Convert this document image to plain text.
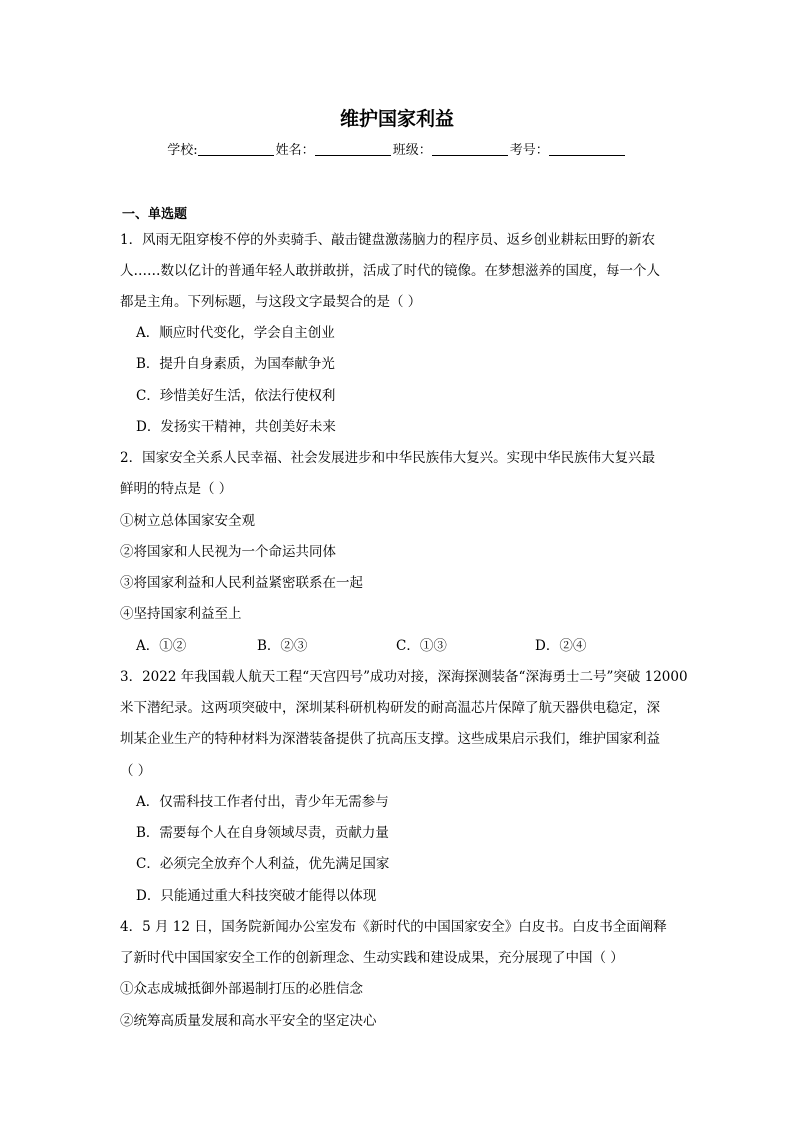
维护国家利益
学校:	姓名：	班级：	考号：
一、单选题
1．风雨无阻穿梭不停的外卖骑手、敲击键盘激荡脑力的程序员、返乡创业耕耘田野的新农
人……数以亿计的普通年轻人敢拼敢拼，活成了时代的镜像。在梦想滋养的国度，每一个人
都是主角。下列标题，与这段文字最契合的是（ ）
A．顺应时代变化，学会自主创业
B．提升自身素质，为国奉献争光
C．珍惜美好生活，依法行使权利
D．发扬实干精神，共创美好未来
2．国家安全关系人民幸福、社会发展进步和中华民族伟大复兴。实现中华民族伟大复兴最
鲜明的特点是（ ）
①树立总体国家安全观
②将国家和人民视为一个命运共同体
③将国家利益和人民利益紧密联系在一起
④坚持国家利益至上
A．①②	B．②③	C．①③	D．②④
3．2022 年我国载人航天工程“天宫四号”成功对接，深海探测装备“深海勇士二号”突破 12000
米下潜纪录。这两项突破中，深圳某科研机构研发的耐高温芯片保障了航天器供电稳定，深
圳某企业生产的特种材料为深潜装备提供了抗高压支撑。这些成果启示我们，维护国家利益
（ ）
A．仅需科技工作者付出，青少年无需参与
B．需要每个人在自身领域尽责，贡献力量
C．必须完全放弃个人利益，优先满足国家
D．只能通过重大科技突破才能得以体现
4．5 月 12 日，国务院新闻办公室发布《新时代的中国国家安全》白皮书。白皮书全面阐释
了新时代中国国家安全工作的创新理念、生动实践和建设成果，充分展现了中国（ ）
①众志成城抵御外部遏制打压的必胜信念
②统筹高质量发展和高水平安全的坚定决心
